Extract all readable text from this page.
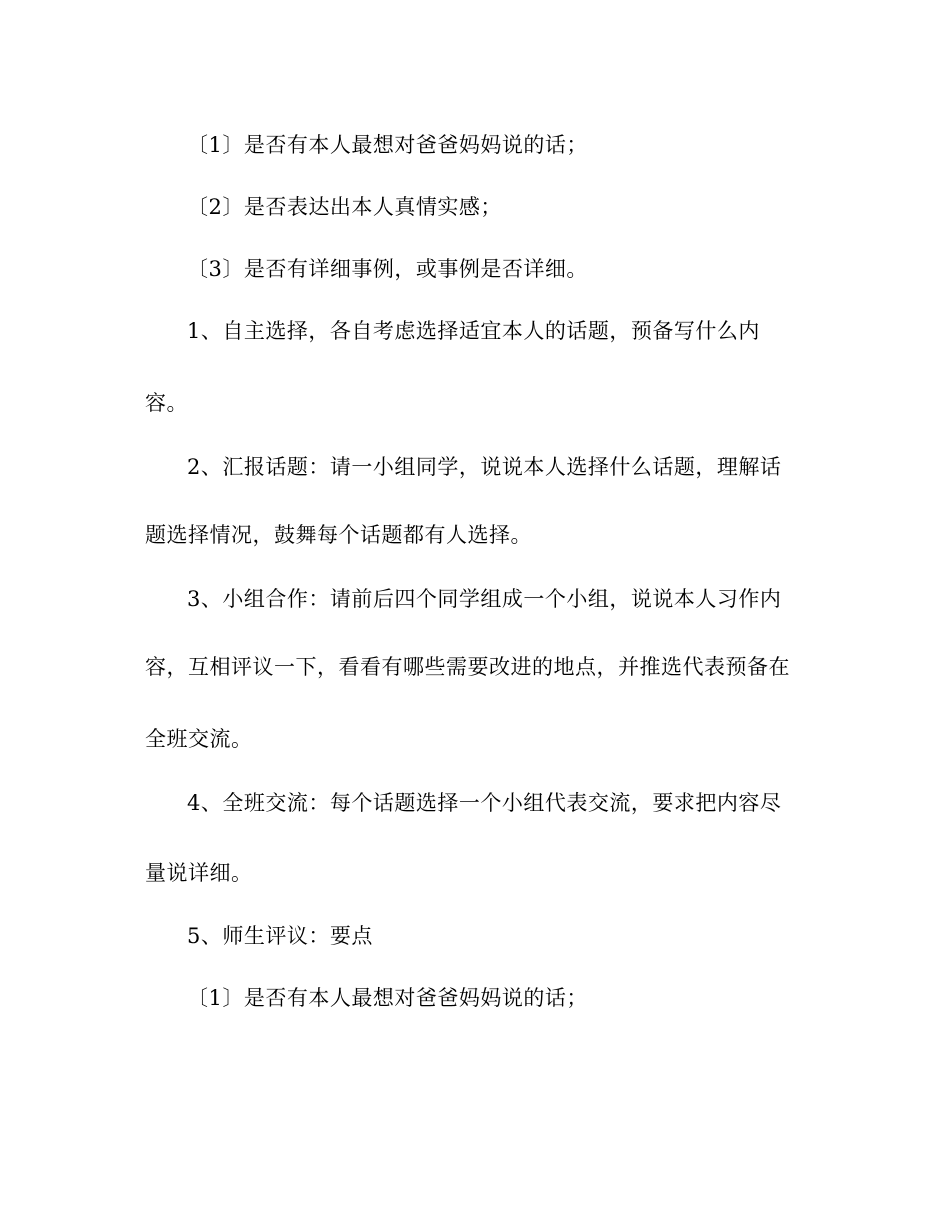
〔1〕是否有本人最想对爸爸妈妈说的话；
〔2〕是否表达出本人真情实感；
〔3〕是否有详细事例，或事例是否详细。
1、自主选择，各自考虑选择适宜本人的话题，预备写什么内
容。
2、汇报话题：请一小组同学，说说本人选择什么话题，理解话
题选择情况，鼓舞每个话题都有人选择。
3、小组合作：请前后四个同学组成一个小组，说说本人习作内
容，互相评议一下，看看有哪些需要改进的地点，并推选代表预备在
全班交流。
4、全班交流：每个话题选择一个小组代表交流，要求把内容尽
量说详细。
5、师生评议：要点
〔1〕是否有本人最想对爸爸妈妈说的话；
